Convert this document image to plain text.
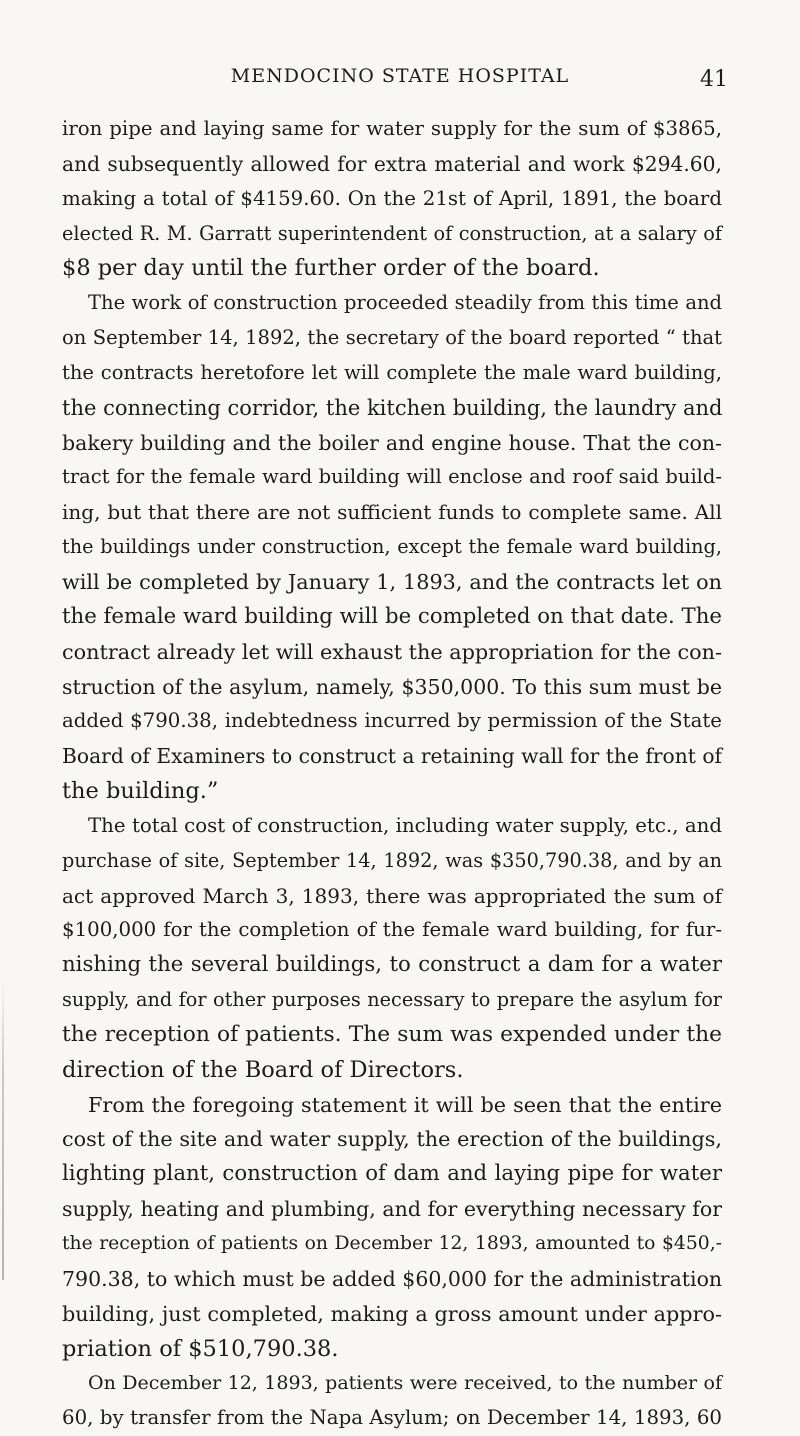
MENDOCINO STATE HOSPITAL	41
iron pipe and laying same for water supply for the sum of $3865,
and subsequently allowed for extra material and work $294.60,
making a total of $4159.60. On the 21st of April, 1891, the board
elected R. M. Garratt superintendent of construction, at a salary of
$8 per day until the further order of the board.
The work of construction proceeded steadily from this time and
on September 14, 1892, the secretary of the board reported “ that
the contracts heretofore let will complete the male ward building,
the connecting corridor, the kitchen building, the laundry and
bakery building and the boiler and engine house. That the con-
tract for the female ward building will enclose and roof said build-
ing, but that there are not sufficient funds to complete same. All
the buildings under construction, except the female ward building,
will be completed by January 1, 1893, and the contracts let on
the female ward building will be completed on that date. The
contract already let will exhaust the appropriation for the con-
struction of the asylum, namely, $350,000. To this sum must be
added $790.38, indebtedness incurred by permission of the State
Board of Examiners to construct a retaining wall for the front of
the building.”
The total cost of construction, including water supply, etc., and
purchase of site, September 14, 1892, was $350,790.38, and by an
act approved March 3, 1893, there was appropriated the sum of
$100,000 for the completion of the female ward building, for fur-
nishing the several buildings, to construct a dam for a water
supply, and for other purposes necessary to prepare the asylum for
the reception of patients. The sum was expended under the
direction of the Board of Directors.
From the foregoing statement it will be seen that the entire
cost of the site and water supply, the erection of the buildings,
lighting plant, construction of dam and laying pipe for water
supply, heating and plumbing, and for everything necessary for
the reception of patients on December 12, 1893, amounted to $450,-
790.38, to which must be added $60,000 for the administration
building, just completed, making a gross amount under appro-
priation of $510,790.38.
On December 12, 1893, patients were received, to the number of
60, by transfer from the Napa Asylum; on December 14, 1893, 60
